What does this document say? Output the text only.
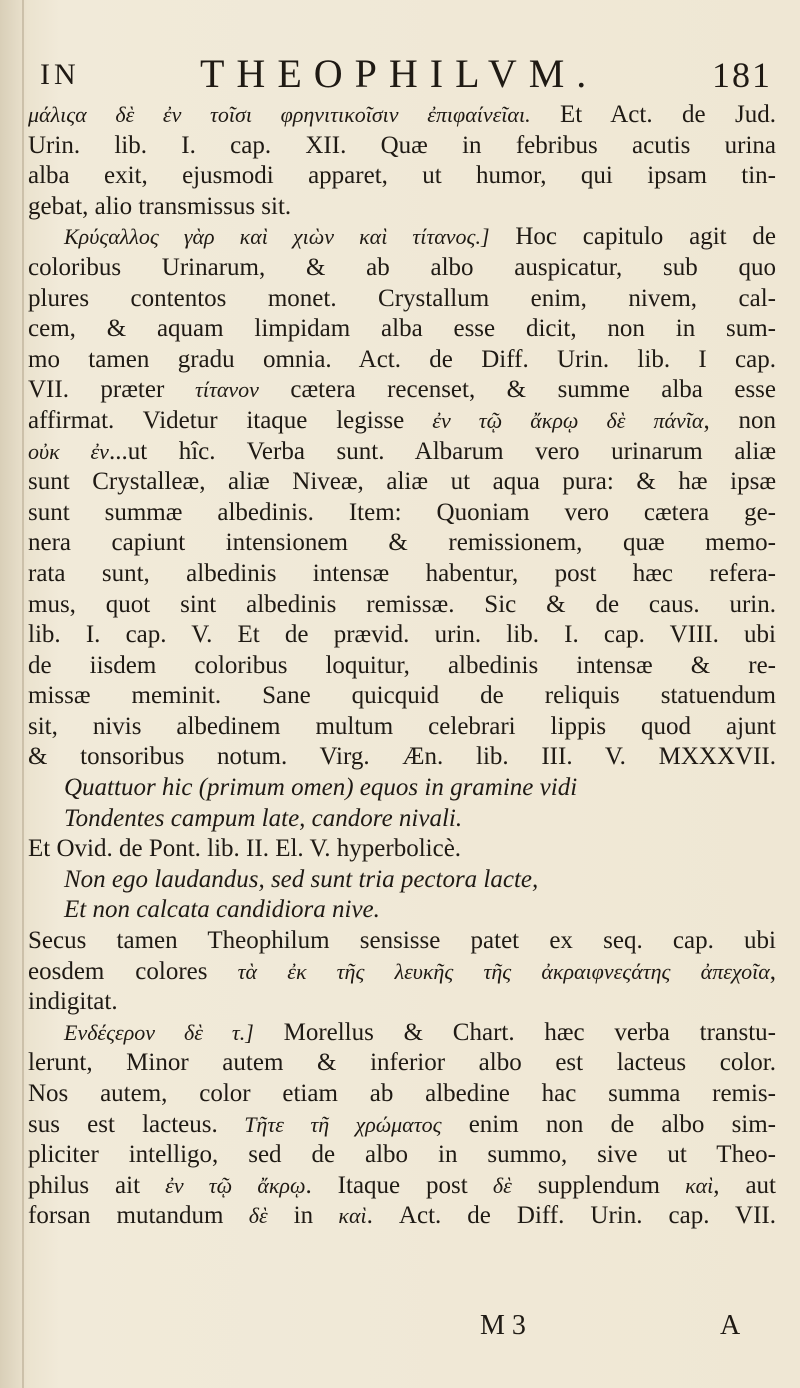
IN	THEOPHILVM.	181
μάλιςα δὲ ἐν τοῖσι φρηνιτικοῖσιν ἐπιφαίνεῖαι. Et Act. de Jud.
Urin. lib. I. cap. XII. Quæ in febribus acutis urina
alba exit, ejusmodi apparet, ut humor, qui ipsam tin-
gebat, alio transmissus sit.
Κρύςαλλος γὰρ καὶ χιὼν καὶ τίτανος.] Hoc capitulo agit de
coloribus Urinarum, & ab albo auspicatur, sub quo
plures contentos monet. Crystallum enim, nivem, cal-
cem, & aquam limpidam alba esse dicit, non in sum-
mo tamen gradu omnia. Act. de Diff. Urin. lib. I cap.
VII. præter τίτανον cætera recenset, & summe alba esse
affirmat. Videtur itaque legisse ἐν τῷ ἄκρῳ δὲ πάνῖα, non
οὐκ ἐν...ut hîc. Verba sunt. Albarum vero urinarum aliæ
sunt Crystalleæ, aliæ Niveæ, aliæ ut aqua pura: & hæ ipsæ
sunt summæ albedinis. Item: Quoniam vero cætera ge-
nera capiunt intensionem & remissionem, quæ memo-
rata sunt, albedinis intensæ habentur, post hæc refera-
mus, quot sint albedinis remissæ. Sic & de caus. urin.
lib. I. cap. V. Et de prævid. urin. lib. I. cap. VIII. ubi
de iisdem coloribus loquitur, albedinis intensæ & re-
missæ meminit. Sane quicquid de reliquis statuendum
sit, nivis albedinem multum celebrari lippis quod ajunt
& tonsoribus notum. Virg. Æn. lib. III. V. MXXXVII.
Quattuor hic (primum omen) equos in gramine vidi
Tondentes campum late, candore nivali.
Et Ovid. de Pont. lib. II. El. V. hyperbolicè.
Non ego laudandus, sed sunt tria pectora lacte,
Et non calcata candidiora nive.
Secus tamen Theophilum sensisse patet ex seq. cap. ubi
eosdem colores τὰ ἐκ τῆς λευκῆς τῆς ἀκραιφνεςάτης ἀπεχοῖα,
indigitat.
Ενδέςερον δὲ τ.] Morellus & Chart. hæc verba transtu-
lerunt, Minor autem & inferior albo est lacteus color.
Nos autem, color etiam ab albedine hac summa remis-
sus est lacteus. Τῆτε τῆ χρώματος enim non de albo sim-
pliciter intelligo, sed de albo in summo, sive ut Theo-
philus ait ἐν τῷ ἄκρῳ. Itaque post δὲ supplendum καὶ, aut
forsan mutandum δὲ in καὶ. Act. de Diff. Urin. cap. VII.
M 3	A
